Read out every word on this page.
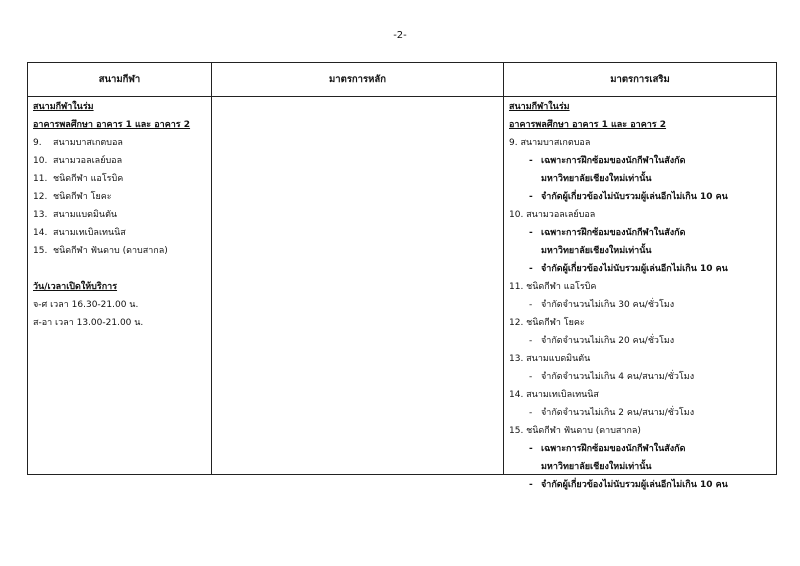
-2-
สนามกีฬา	มาตรการหลัก	มาตรการเสริม
สนามกีฬาในร่ม
อาคารพลศึกษา อาคาร 1 และ อาคาร 2
9. สนามบาสเกตบอล
10. สนามวอลเลย์บอล
11. ชนิดกีฬา แอโรบิค
12. ชนิดกีฬา โยคะ
13. สนามแบดมินตัน
14. สนามเทเบิลเทนนิส
15. ชนิดกีฬา ฟันดาบ (ดาบสากล)
วัน/เวลาเปิดให้บริการ
จ-ศ เวลา 16.30-21.00 น.
ส-อา เวลา 13.00-21.00 น.
สนามกีฬาในร่ม
อาคารพลศึกษา อาคาร 1 และ อาคาร 2
9. สนามบาสเกตบอล
- เฉพาะการฝึกซ้อมของนักกีฬาในสังกัด
มหาวิทยาลัยเชียงใหม่เท่านั้น
- จำกัดผู้เกี่ยวข้องไม่นับรวมผู้เล่นอีกไม่เกิน 10 คน
10. สนามวอลเลย์บอล
- เฉพาะการฝึกซ้อมของนักกีฬาในสังกัด
มหาวิทยาลัยเชียงใหม่เท่านั้น
- จำกัดผู้เกี่ยวข้องไม่นับรวมผู้เล่นอีกไม่เกิน 10 คน
11. ชนิดกีฬา แอโรบิค
- จำกัดจำนวนไม่เกิน 30 คน/ชั่วโมง
12. ชนิดกีฬา โยคะ
- จำกัดจำนวนไม่เกิน 20 คน/ชั่วโมง
13. สนามแบดมินตัน
- จำกัดจำนวนไม่เกิน 4 คน/สนาม/ชั่วโมง
14. สนามเทเบิลเทนนิส
- จำกัดจำนวนไม่เกิน 2 คน/สนาม/ชั่วโมง
15. ชนิดกีฬา ฟันดาบ (ดาบสากล)
- เฉพาะการฝึกซ้อมของนักกีฬาในสังกัด
มหาวิทยาลัยเชียงใหม่เท่านั้น
- จำกัดผู้เกี่ยวข้องไม่นับรวมผู้เล่นอีกไม่เกิน 10 คน
